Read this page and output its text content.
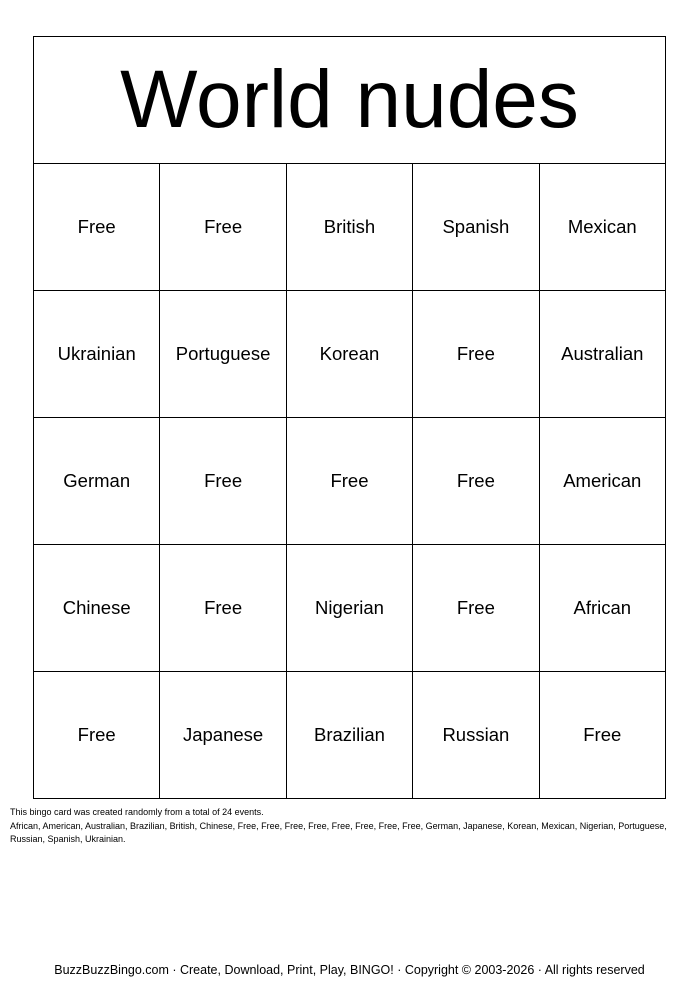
World nudes				
Free	Free	British	Spanish	Mexican
Ukrainian	Portuguese	Korean	Free	Australian
German	Free	Free	Free	American
Chinese	Free	Nigerian	Free	African
Free	Japanese	Brazilian	Russian	Free
This bingo card was created randomly from a total of 24 events.
African, American, Australian, Brazilian, British, Chinese, Free, Free, Free, Free, Free, Free, Free, Free, German, Japanese, Korean, Mexican, Nigerian, Portuguese, Russian, Spanish, Ukrainian.
BuzzBuzzBingo.com · Create, Download, Print, Play, BINGO! · Copyright © 2003-2026 · All rights reserved
